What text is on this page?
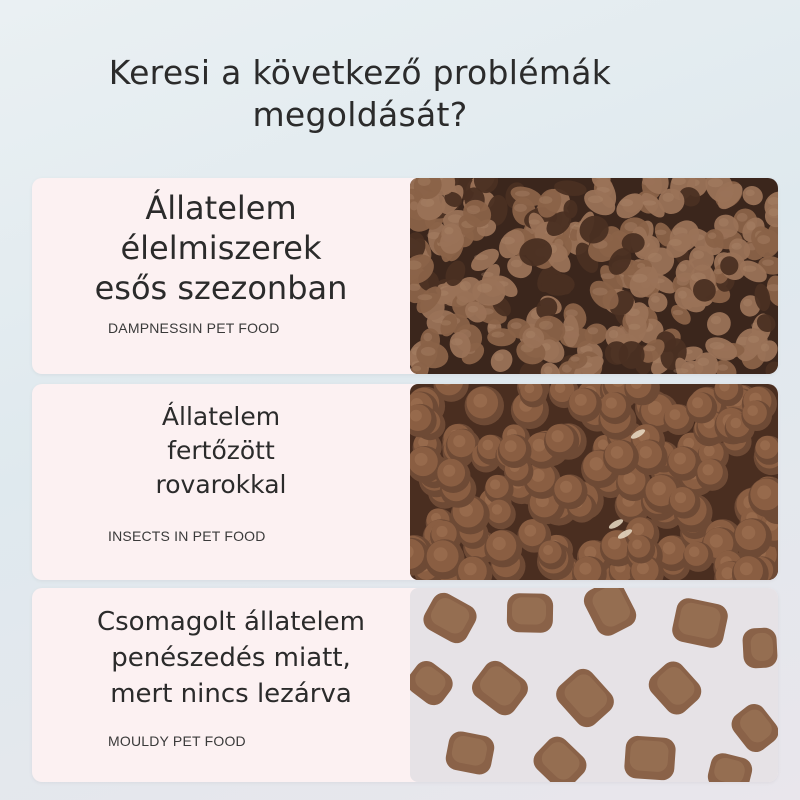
Keresi a következő problémák
megoldását?
Állatelem
élelmiszerek
esős szezonban
DAMPNESSIN PET FOOD
Állatelem
fertőzött
rovarokkal
INSECTS IN PET FOOD
Csomagolt állatelem
penészedés miatt,
mert nincs lezárva
MOULDY PET FOOD
